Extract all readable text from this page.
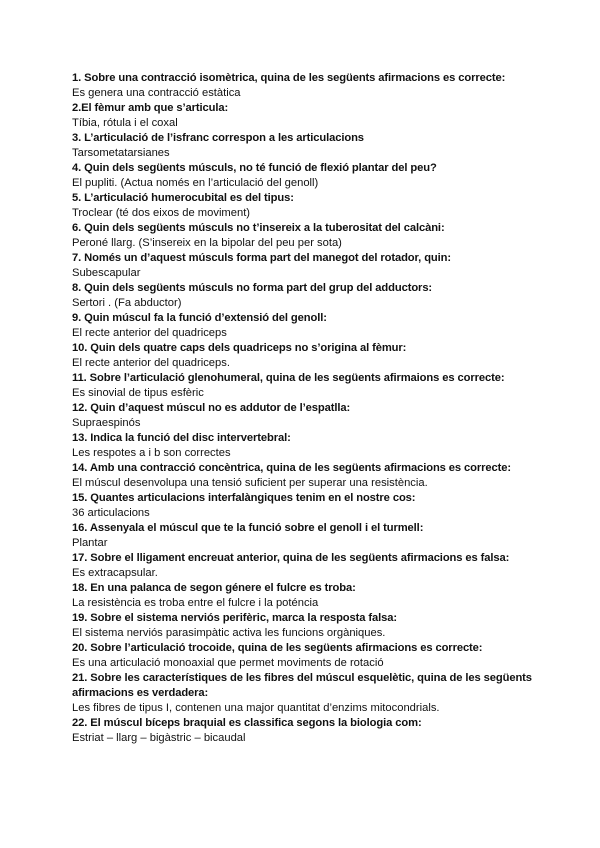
1. Sobre una contracció isomètrica, quina de les següents afirmacions es correcte:

Es genera una contracció estàtica

2.El fèmur amb que s’articula:

Tíbia, rótula i el coxal

3. L’articulació de l’isfranc correspon a les articulacions

Tarsometatarsianes

4. Quin dels següents músculs, no té funció de flexió plantar del peu?

El pupliti. (Actua només en l’articulació del genoll)

5. L’articulació humerocubital es del tipus:

Troclear (té dos eixos de moviment)

6. Quin dels següents músculs no t’insereix a la tuberositat del calcàni:

Peroné llarg. (S’insereix en la bipolar del peu per sota)

7. Només un d’aquest músculs forma part del manegot del rotador, quin:

Subescapular

8. Quin dels següents músculs no forma part del grup del adductors:

Sertori . (Fa abductor)

9. Quin múscul fa la funció d’extensió del genoll:

El recte anterior del quadriceps

10. Quin dels quatre caps dels quadriceps no s’origina al fèmur:

El recte anterior del quadriceps.

11. Sobre l’articulació glenohumeral, quina de les següents afirmaions es correcte:

Es sinovial de tipus esfèric

12. Quin d’aquest múscul no es addutor de l’espatlla:

Supraespinós

13. Indica la funció del disc intervertebral:

Les respotes a i b son correctes

14. Amb una contracció concèntrica, quina de les següents afirmacions es correcte:

El múscul desenvolupa una tensió suficient per superar una resistència.

15. Quantes articulacions interfalàngiques tenim en el nostre cos:

36 articulacions

16. Assenyala el múscul que te la funció sobre el genoll i el turmell:

Plantar

17. Sobre el lligament encreuat anterior, quina de les següents afirmacions es falsa:

Es extracapsular.

18. En una palanca de segon génere el fulcre es troba:

La resistència es troba entre el fulcre i la poténcia

19. Sobre el sistema nerviós perifèric, marca la resposta falsa:

El sistema nerviós parasimpàtic activa les funcions orgàniques.

20. Sobre l’articulació trocoide, quina de les següents afirmacions es correcte:

Es una articulació monoaxial que permet moviments de rotació

21. Sobre les característiques de les fibres del múscul esquelètic, quina de les següents afirmacions es verdadera:

Les fibres de tipus I, contenen una major quantitat d’enzims mitocondrials.

22. El múscul bíceps braquial es classifica segons la biologia com:

Estriat – llarg – bigàstric – bicaudal
